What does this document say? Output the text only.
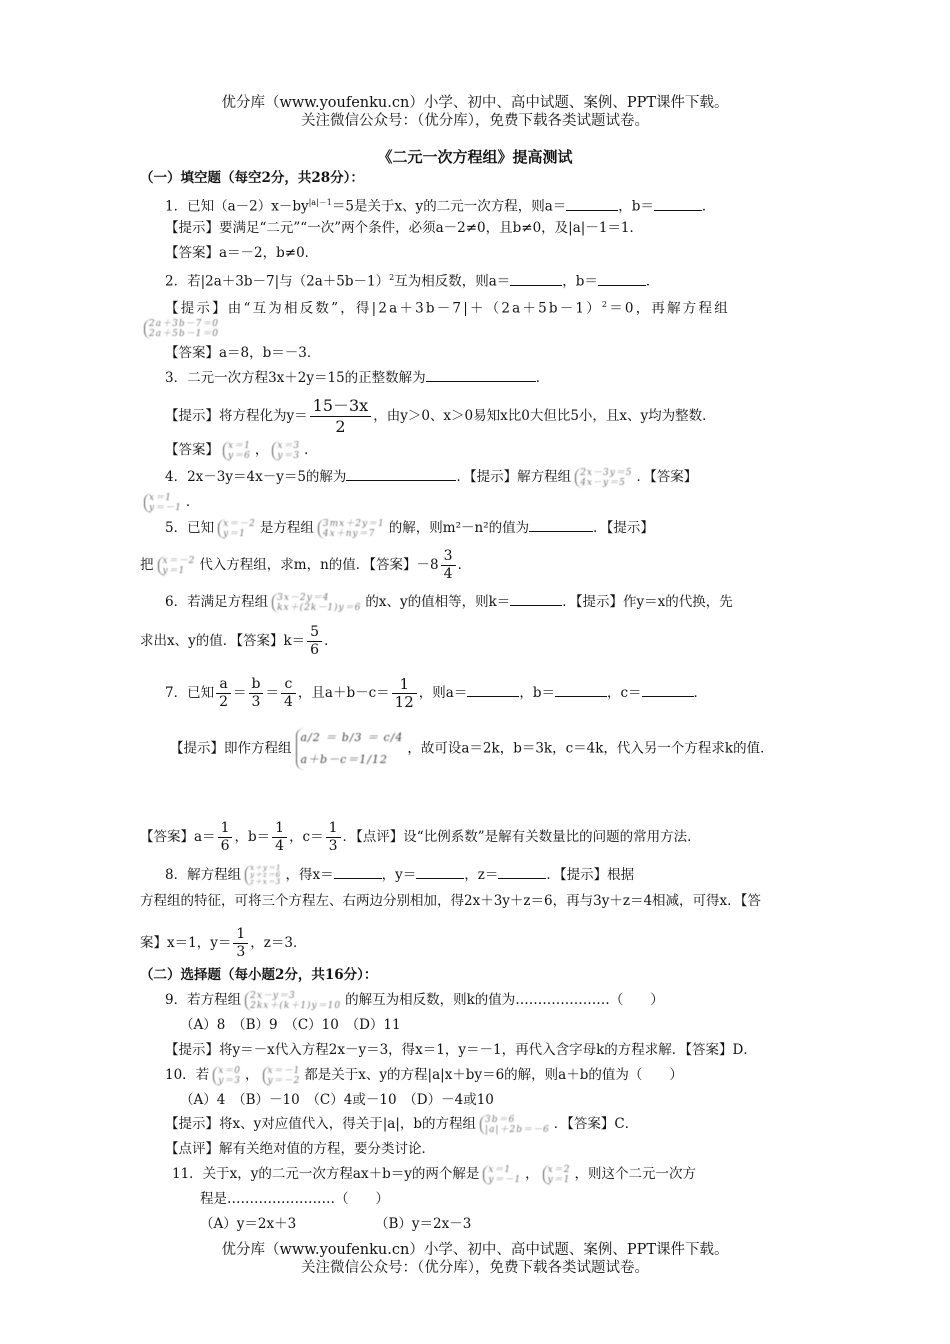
优分库（www.youfenku.cn）小学、初中、高中试题、案例、PPT课件下载。
关注微信公众号：（优分库），免费下载各类试题试卷。
《二元一次方程组》提高测试
（一）填空题（每空2分，共28分）：
1．已知$(a-2)x-by^{|a|-1}=5$是关于x、y的二元一次方程，则a＝	，b＝	．
【提示】要满足“二元”“一次”两个条件，必须a－2≠0，且b≠0，及|a|－1＝1．
【答案】a＝－2，b≠0．
2．若|2a＋3b－7|与$(2a+5b-1)^2$互为相反数，则a＝	，b＝	．
【提示】由“互为相反数”，得$|2a+3b-7|+(2a+5b-1)^2=0$，再解方程组
2a＋3b－7＝0
2a＋5b－1＝0
【答案】a＝8，b＝－3．
3．二元一次方程3x＋2y＝15的正整数解为	．
【提示】将方程化为$y= \frac{15-3x}{2}$ ，由y＞0、x＞0易知x比0大但比5小，且x、y均为整数．
【答案】 x＝1
y＝6 ， x＝3
y＝3 ．
4．2x－3y＝4x－y＝5的解为	．【提示】解方程组 2x－3y＝5
4x－y＝5 ．【答案】
x＝1
y＝－1 ．
5．已知 x＝－2
y＝1	是方程组 3mx＋2y＝1
4x＋ny＝7 的解，则m²－n²的值为	．【提示】
把 x＝－2
y＝1	代入方程组，求m，n的值．【答案】$-8 \frac{3}{4}$ ．
6．若满足方程组 3x－2y＝4
kx＋(2k－1)y＝6 的x、y的值相等，则k＝	．【提示】作y＝x的代换，先
求出x、y的值．【答案】$k= \frac{5}{6}$ ．
7．已知 $\frac{a}{2} = \frac{b}{3} = \frac{c}{4}$ ，且$a+b-c= \frac{1}{12}$ ，则a＝	，b＝	，c＝	．
【提示】即作方程组
a/2 ＝ b/3 ＝ c/4
a＋b－c＝1/12
，故可设a＝2k，b＝3k，c＝4k，代入另一个方程求k的值．
【答案】$a= \frac{1}{6}$ ，$b= \frac{1}{4}$ ，$c= \frac{1}{3}$ ．【点评】设“比例系数”是解有关数量比的问题的常用方法．
8．解方程组 x＋y＝1
y＋z＝6
z＋x＝3 ，得x＝	，y＝	，z＝	．【提示】根据
方程组的特征，可将三个方程左、右两边分别相加，得2x＋3y＋z＝6，再与3y＋z＝4相减，可得x．【答
案】x＝1，$y= \frac{1}{3}$ ，z＝3．
（二）选择题（每小题2分，共16分）：
9．若方程组 2x－y＝3
2kx＋(k＋1)y＝10 的解互为相反数，则k的值为…………………（　　）
（A）8　（B）9　（C）10　（D）11
【提示】将y＝－x代入方程2x－y＝3，得x＝1，y＝－1，再代入含字母k的方程求解．【答案】D．
10．若 x＝0
y＝3 ， x＝－1
y＝－2 都是关于x、y的方程|a|x＋by＝6的解，则a＋b的值为（　　）
（A）4　（B）－10　（C）4或－10　（D）－4或10
【提示】将x、y对应值代入，得关于|a|，b的方程组 3b＝6
|a|＋2b＝－6 ．【答案】C．
【点评】解有关绝对值的方程，要分类讨论．
11．关于x，y的二元一次方程ax＋b＝y的两个解是 x＝1
y＝－1 ， x＝2
y＝1 ，则这个二元一次方
程是……………………（　　）
（A）y＝2x＋3	（B）y＝2x－3
优分库（www.youfenku.cn）小学、初中、高中试题、案例、PPT课件下载。
关注微信公众号：（优分库），免费下载各类试题试卷。
